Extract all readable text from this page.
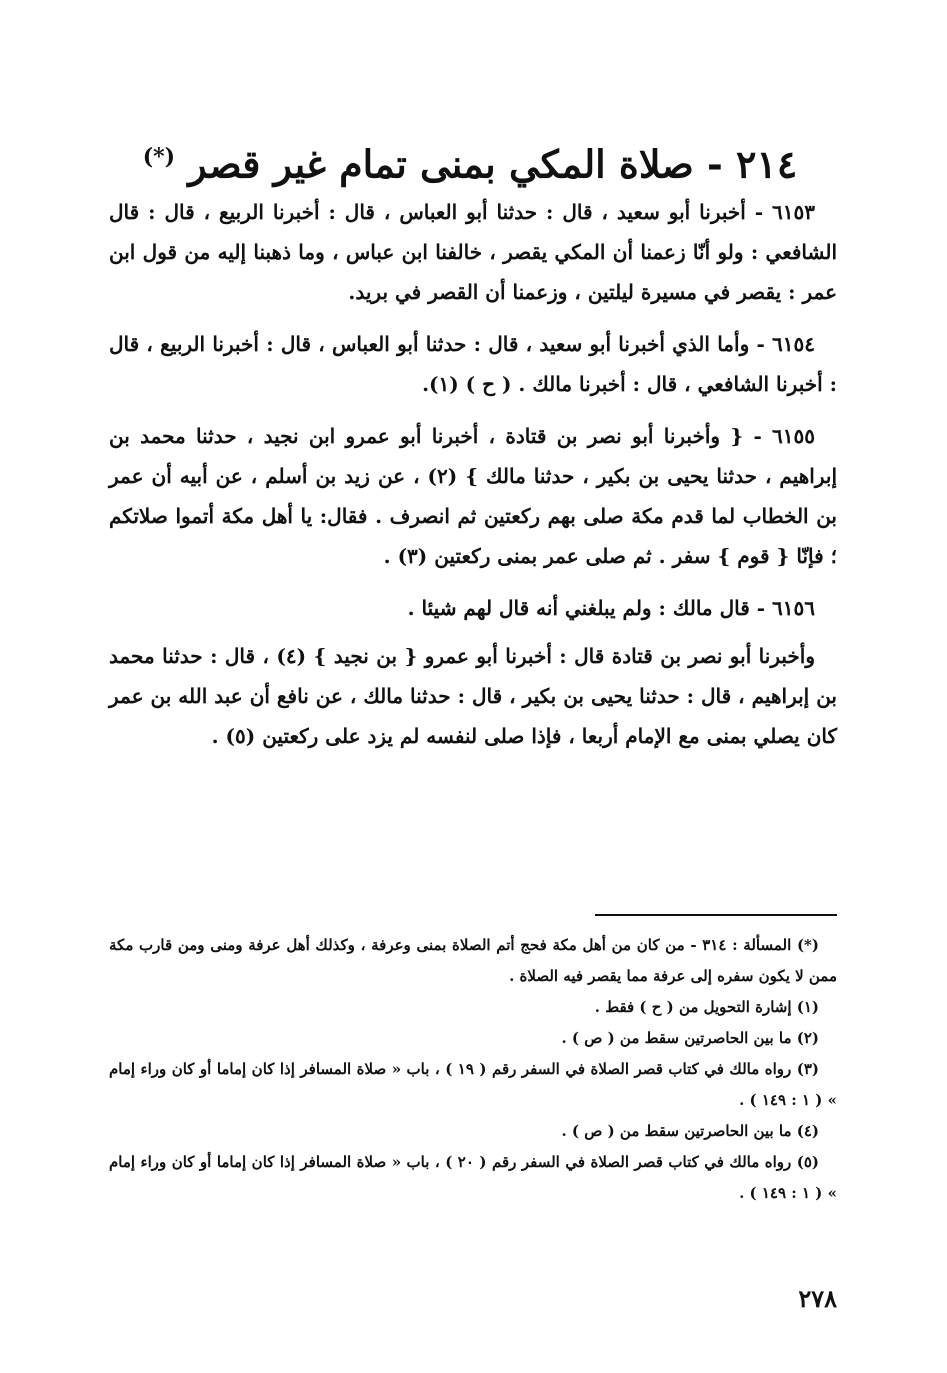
٢١٤ - صلاة المكي بمنى تمام غير قصر (*)

٦١٥٣ - أخبرنا أبو سعيد ، قال : حدثنا أبو العباس ، قال : أخبرنا الربيع ، قال : قال الشافعي : ولو أنّا زعمنا أن المكي يقصر ، خالفنا ابن عباس ، وما ذهبنا إليه من قول ابن عمر : يقصر في مسيرة ليلتين ، وزعمنا أن القصر في بريد.

٦١٥٤ - وأما الذي أخبرنا أبو سعيد ، قال : حدثنا أبو العباس ، قال : أخبرنا الربيع ، قال : أخبرنا الشافعي ، قال : أخبرنا مالك . ( ح ) (١).

٦١٥٥ - { وأخبرنا أبو نصر بن قتادة ، أخبرنا أبو عمرو ابن نجيد ، حدثنا محمد بن إبراهيم ، حدثنا يحيى بن بكير ، حدثنا مالك } (٢) ، عن زيد بن أسلم ، عن أبيه أن عمر بن الخطاب لما قدم مكة صلى بهم ركعتين ثم انصرف . فقال: يا أهل مكة أتموا صلاتكم ؛ فإنّا { قوم } سفر . ثم صلى عمر بمنى ركعتين (٣) .

٦١٥٦ - قال مالك : ولم يبلغني أنه قال لهم شيئا .

وأخبرنا أبو نصر بن قتادة قال : أخبرنا أبو عمرو { بن نجيد } (٤) ، قال : حدثنا محمد بن إبراهيم ، قال : حدثنا يحيى بن بكير ، قال : حدثنا مالك ، عن نافع أن عبد الله بن عمر كان يصلي بمنى مع الإمام أربعا ، فإذا صلى لنفسه لم يزد على ركعتين (٥) .

(*) المسألة : ٣١٤ - من كان من أهل مكة فحج أتم الصلاة بمنى وعرفة ، وكذلك أهل عرفة ومنى ومن قارب مكة ممن لا يكون سفره إلى عرفة مما يقصر فيه الصلاة .

(١) إشارة التحويل من ( ح ) فقط .

(٢) ما بين الحاصرتين سقط من ( ص ) .

(٣) رواه مالك في كتاب قصر الصلاة في السفر رقم ( ١٩ ) ، باب « صلاة المسافر إذا كان إماما أو كان وراء إمام » ( ١ : ١٤٩ ) .

(٤) ما بين الحاصرتين سقط من ( ص ) .

(٥) رواه مالك في كتاب قصر الصلاة في السفر رقم ( ٢٠ ) ، باب « صلاة المسافر إذا كان إماما أو كان وراء إمام » ( ١ : ١٤٩ ) .

٢٧٨
